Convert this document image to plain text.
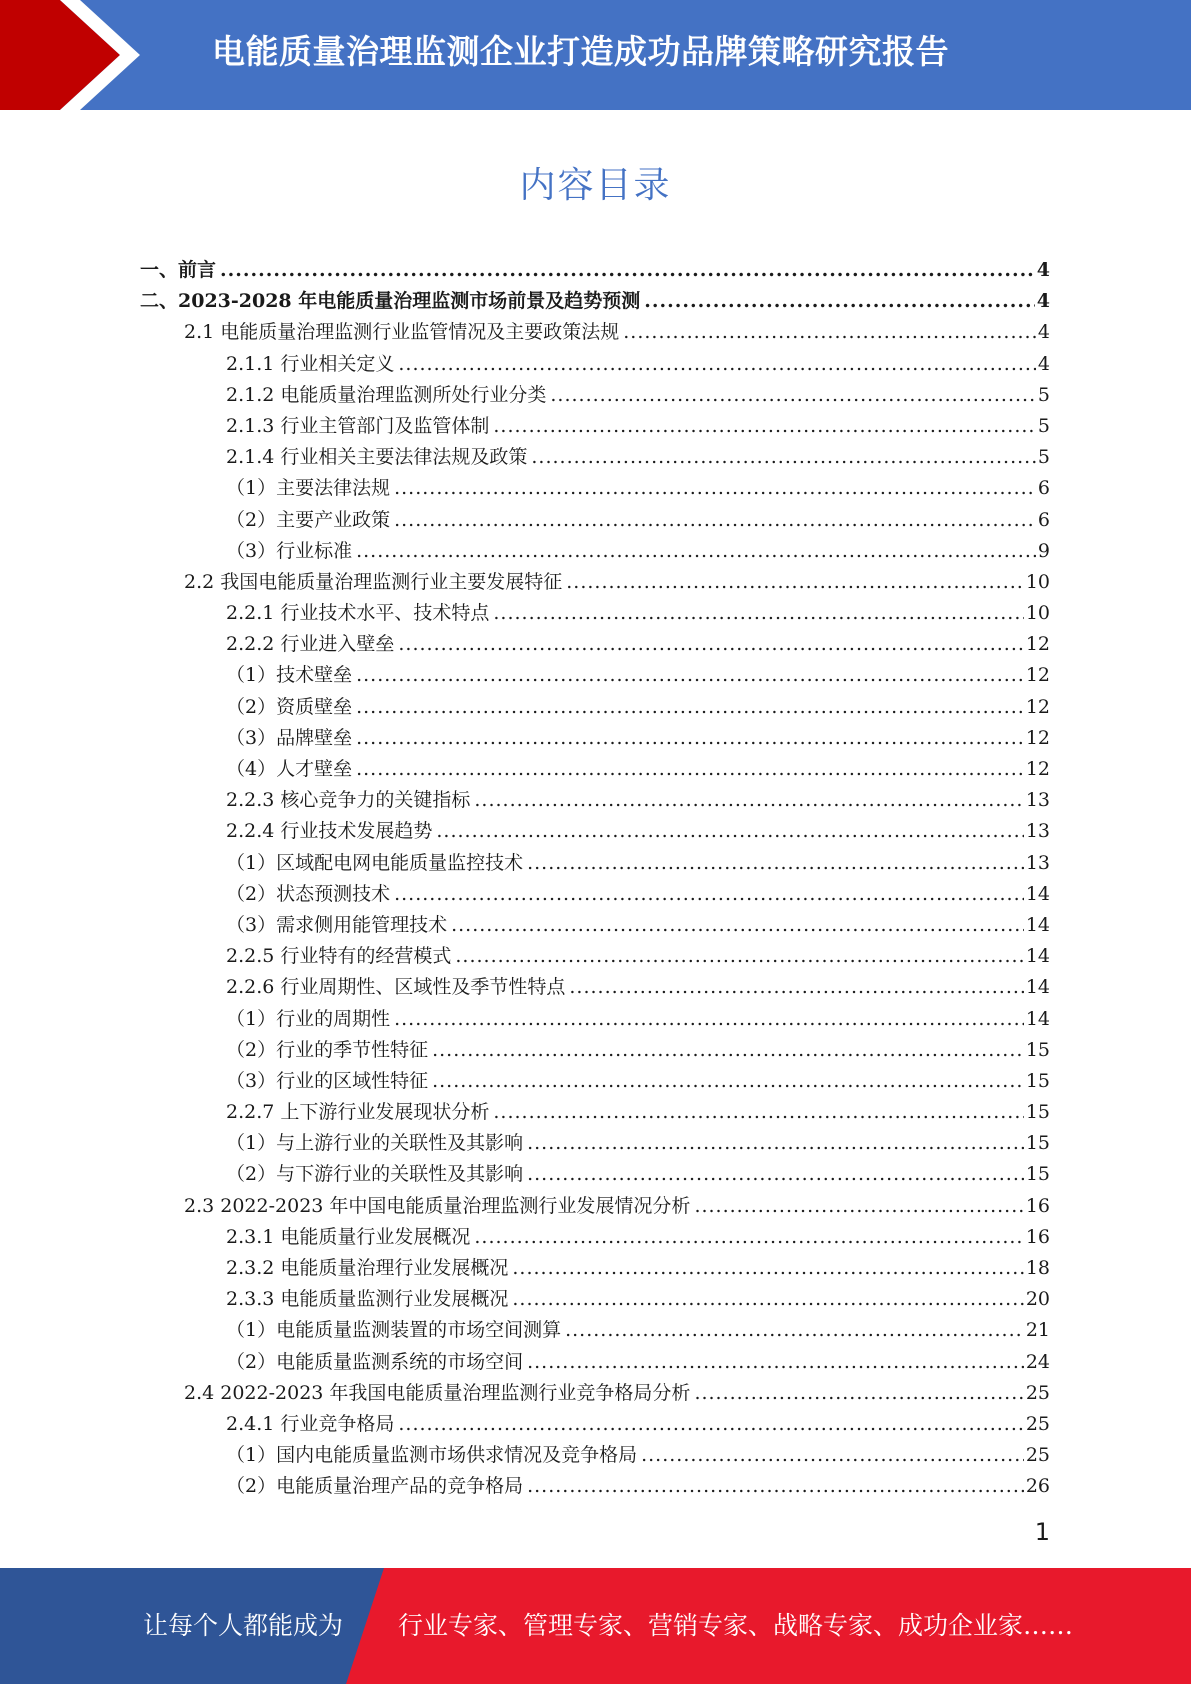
电能质量治理监测企业打造成功品牌策略研究报告
内容目录
一、前言 .....	4
二、2023-2028 年电能质量治理监测市场前景及趋势预测 .....	4
2.1 电能质量治理监测行业监管情况及主要政策法规 .....	4
2.1.1 行业相关定义 .....	4
2.1.2 电能质量治理监测所处行业分类 .....	5
2.1.3 行业主管部门及监管体制 .....	5
2.1.4 行业相关主要法律法规及政策 .....	5
（1）主要法律法规 .....	6
（2）主要产业政策 .....	6
（3）行业标准 .....	9
2.2 我国电能质量治理监测行业主要发展特征 .....	10
2.2.1 行业技术水平、技术特点 .....	10
2.2.2 行业进入壁垒 .....	12
（1）技术壁垒 .....	12
（2）资质壁垒 .....	12
（3）品牌壁垒 .....	12
（4）人才壁垒 .....	12
2.2.3 核心竞争力的关键指标 .....	13
2.2.4 行业技术发展趋势 .....	13
（1）区域配电网电能质量监控技术 .....	13
（2）状态预测技术 .....	14
（3）需求侧用能管理技术 .....	14
2.2.5 行业特有的经营模式 .....	14
2.2.6 行业周期性、区域性及季节性特点 .....	14
（1）行业的周期性 .....	14
（2）行业的季节性特征 .....	15
（3）行业的区域性特征 .....	15
2.2.7 上下游行业发展现状分析 .....	15
（1）与上游行业的关联性及其影响 .....	15
（2）与下游行业的关联性及其影响 .....	15
2.3 2022-2023 年中国电能质量治理监测行业发展情况分析 .....	16
2.3.1 电能质量行业发展概况 .....	16
2.3.2 电能质量治理行业发展概况 .....	18
2.3.3 电能质量监测行业发展概况 .....	20
（1）电能质量监测装置的市场空间测算 .....	21
（2）电能质量监测系统的市场空间 .....	24
2.4 2022-2023 年我国电能质量治理监测行业竞争格局分析 .....	25
2.4.1 行业竞争格局 .....	25
（1）国内电能质量监测市场供求情况及竞争格局 .....	25
（2）电能质量治理产品的竞争格局 .....	26
1
让每个人都能成为 行业专家、管理专家、营销专家、战略专家、成功企业家……
